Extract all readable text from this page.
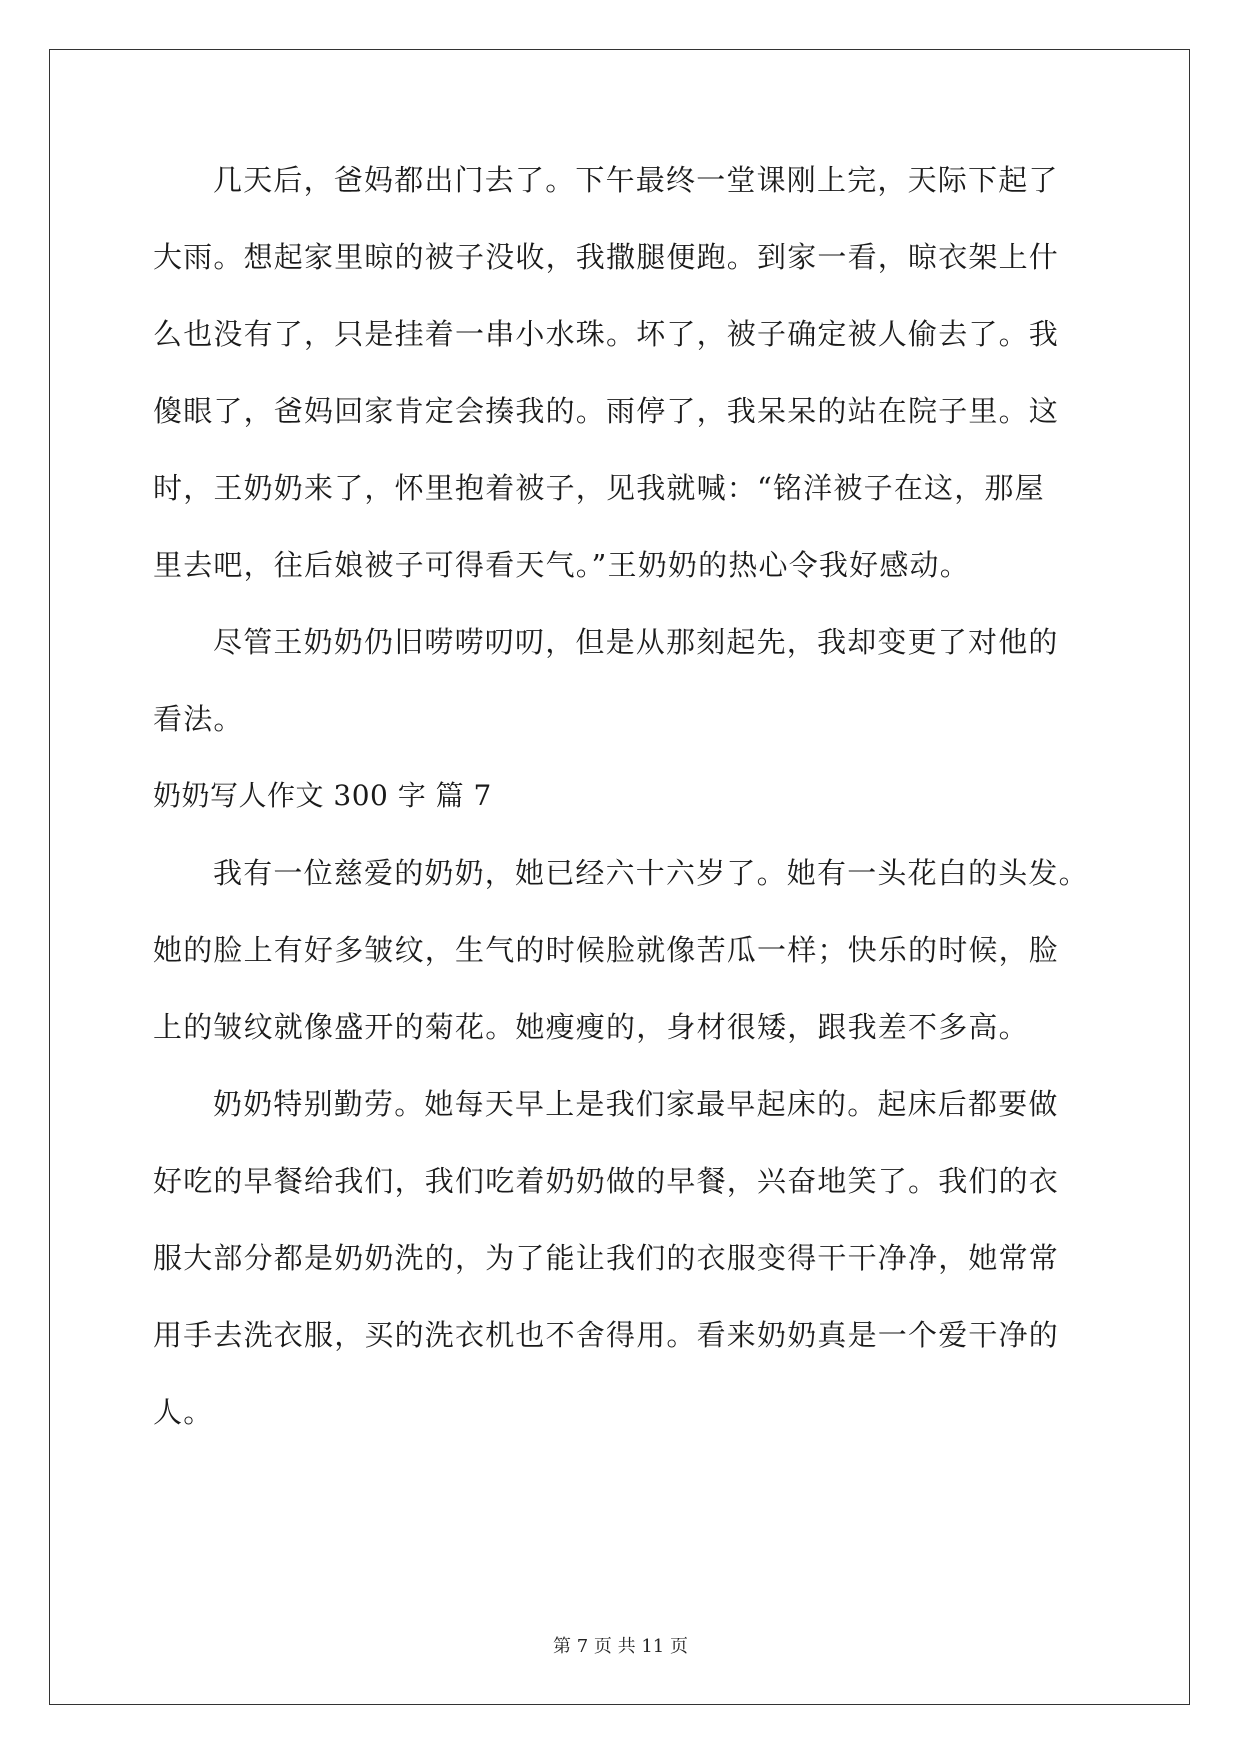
几天后，爸妈都出门去了。下午最终一堂课刚上完，天际下起了
大雨。想起家里晾的被子没收，我撒腿便跑。到家一看，晾衣架上什
么也没有了，只是挂着一串小水珠。坏了，被子确定被人偷去了。我
傻眼了，爸妈回家肯定会揍我的。雨停了，我呆呆的站在院子里。这
时，王奶奶来了，怀里抱着被子，见我就喊：“铭洋被子在这，那屋
里去吧，往后娘被子可得看天气。”王奶奶的热心令我好感动。
尽管王奶奶仍旧唠唠叨叨，但是从那刻起先，我却变更了对他的
看法。
奶奶写人作文 300 字 篇 7
我有一位慈爱的奶奶，她已经六十六岁了。她有一头花白的头发。
她的脸上有好多皱纹，生气的时候脸就像苦瓜一样；快乐的时候，脸
上的皱纹就像盛开的菊花。她瘦瘦的，身材很矮，跟我差不多高。
奶奶特别勤劳。她每天早上是我们家最早起床的。起床后都要做
好吃的早餐给我们，我们吃着奶奶做的早餐，兴奋地笑了。我们的衣
服大部分都是奶奶洗的，为了能让我们的衣服变得干干净净，她常常
用手去洗衣服，买的洗衣机也不舍得用。看来奶奶真是一个爱干净的
人。
第 7 页 共 11 页
